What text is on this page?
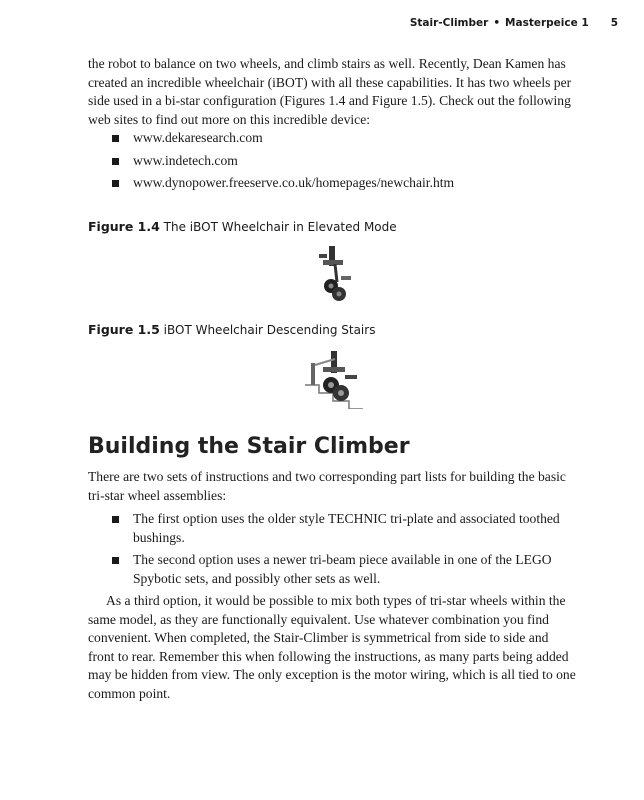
Stair-Climber • Masterpeice 1 5

the robot to balance on two wheels, and climb stairs as well. Recently, Dean Kamen has created an incredible wheelchair (iBOT) with all these capabilities. It has two wheels per side used in a bi-star configuration (Figures 1.4 and Figure 1.5). Check out the following web sites to find out more on this incredible device:

www.dekaresearch.com
www.indetech.com
www.dynopower.freeserve.co.uk/homepages/newchair.htm
Figure 1.4 The iBOT Wheelchair in Elevated Mode
Figure 1.5 iBOT Wheelchair Descending Stairs
Building the Stair Climber

There are two sets of instructions and two corresponding part lists for building the basic tri-star wheel assemblies:

The first option uses the older style TECHNIC tri-plate and associated toothed bushings.
The second option uses a newer tri-beam piece available in one of the LEGO Spybotic sets, and possibly other sets as well.

As a third option, it would be possible to mix both types of tri-star wheels within the same model, as they are functionally equivalent. Use whatever combination you find convenient. When completed, the Stair-Climber is symmetrical from side to side and front to rear. Remember this when following the instructions, as many parts being added may be hidden from view. The only exception is the motor wiring, which is all tied to one common point.
